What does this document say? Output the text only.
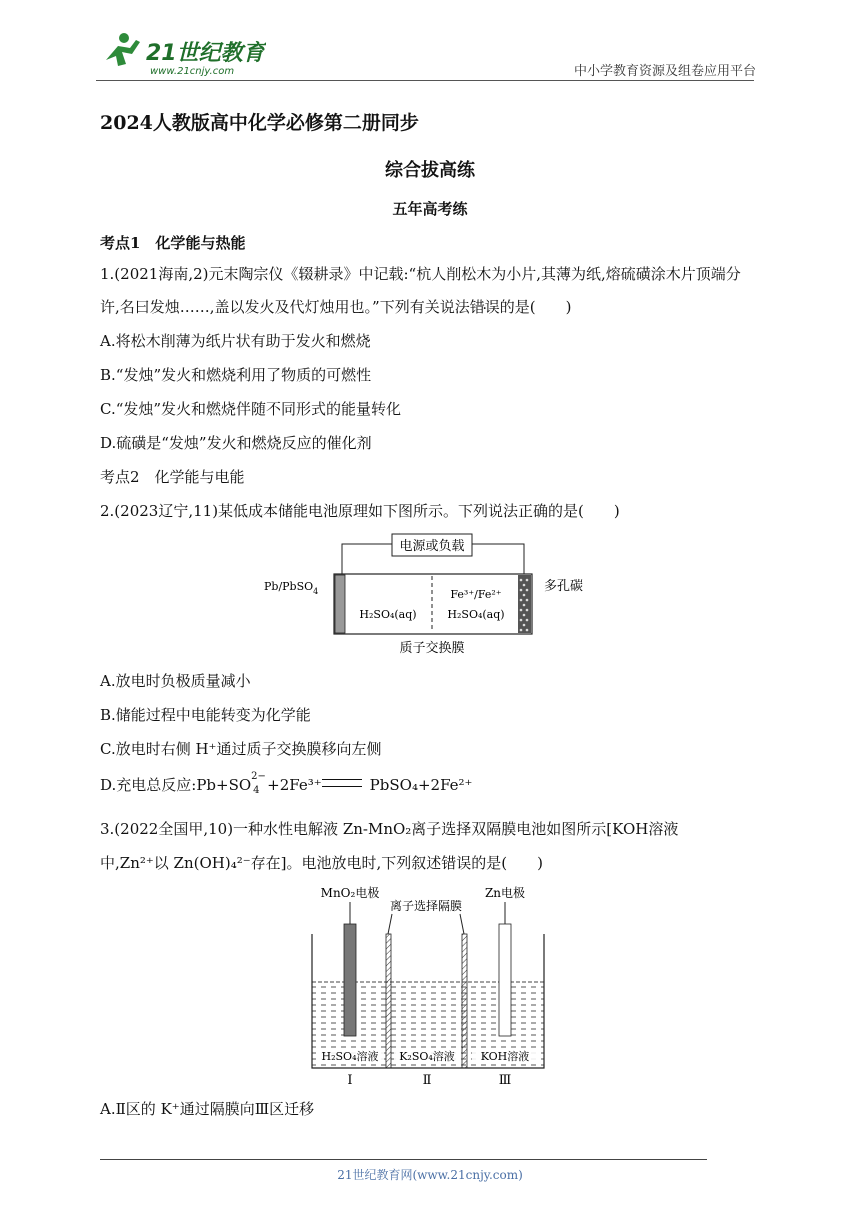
21世纪教育
www.21cnjy.com	中小学教育资源及组卷应用平台
2024人教版高中化学必修第二册同步
综合拔高练
五年高考练
考点1　化学能与热能
1.(2021海南,2)元末陶宗仪《辍耕录》中记载:“杭人削松木为小片,其薄为纸,熔硫磺涂木片顶端分许,名曰发烛……,盖以发火及代灯烛用也。”下列有关说法错误 ·的是(　　)
A.将松木削薄为纸片状有助于发火和燃烧
B.“发烛”发火和燃烧利用了物质的可燃性
C.“发烛”发火和燃烧伴随不同形式的能量转化
D.硫磺是“发烛”发火和燃烧反应的催化剂
考点2　化学能与电能
2.(2023辽宁,11)某低成本储能电池原理如下图所示。下列说法正确的是(　　)
电源或负载
Pb/PbSO$_4$	多孔碳
H₂SO₄(aq)
Fe³⁺/Fe²⁺
H₂SO₄(aq)
质子交换膜
A.放电时负极质量减小
B.储能过程中电能转变为化学能
C.放电时右侧 H⁺通过质子交换膜移向左侧
D.充电总反应:Pb+SO 2−
4 +2Fe³⁺	PbSO₄+2Fe²⁺
3.(2022全国甲,10)一种水性电解液 Zn-MnO₂离子选择双隔膜电池如图所示[KOH溶液
中,Zn²⁺以 Zn(OH)₄²⁻存在]。电池放电时,下列叙述错误的是(　　)
MnO₂电极
离子选择隔膜
Zn电极
H₂SO₄溶液 K₂SO₄溶液 KOH溶液
Ⅰ	Ⅱ	Ⅲ
A.Ⅱ区的 K⁺通过隔膜向Ⅲ区迁移
21世纪教育网(www.21cnjy.com)
